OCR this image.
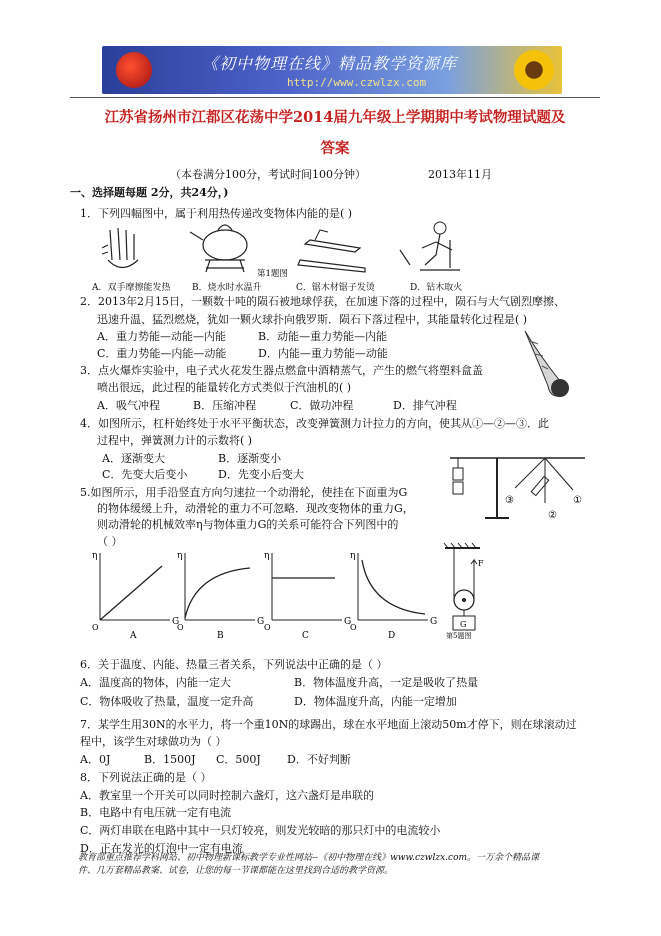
《初中物理在线》精品教学资源库
http://www.czwlzx.com
江苏省扬州市江都区花荡中学2014届九年级上学期期中考试物理试题及
答案
（本卷满分100分，考试时间100分钟）	2013年11月
一、选择题每题 2分，共24分，)
1．下列四幅图中，属于利用热传递改变物体内能的是( )
第1题图
A．双手摩擦能发热 B．烧水时水温升	C．锯木材锯子发烫	D．钻木取火
2．2013年2月15日，一颗数十吨的陨石被地球俘获，在加速下落的过程中，陨石与大气剧烈摩擦、
迅速升温、猛烈燃烧，犹如一颗火球扑向俄罗斯．陨石下落过程中，其能量转化过程是( )
A．重力势能—动能—内能	B．动能—重力势能—内能
C．重力势能—内能—动能	D．内能—重力势能—动能
3．点火爆炸实验中，电子式火花发生器点燃盒中酒精蒸气，产生的燃气将塑料盒盖
喷出很远，此过程的能量转化方式类似于汽油机的( )
A．吸气冲程	B．压缩冲程	C．做功冲程	D．排气冲程
4．如图所示，杠杆始终处于水平平衡状态，改变弹簧测力计拉力的方向，使其从①—②—③．此
过程中，弹簧测力计的示数将( )
A．逐渐变大	B．逐渐变小
C．先变大后变小	D．先变小后变大
③
②
①
5.如图所示，用手沿竖直方向匀速拉一个动滑轮，使挂在下面重为G
的物体缓缓上升，动滑轮的重力不可忽略．现改变物体的重力G，
则动滑轮的机械效率η与物体重力G的关系可能符合下列图中的
（ ）
η
G
O
A
η
G
O
B
η
G
O
C
η
G
O
D
G
F
第5题图
6．关于温度、内能、热量三者关系，下列说法中正确的是（ ）
A．温度高的物体，内能一定大	B．物体温度升高，一定是吸收了热量
C．物体吸收了热量，温度一定升高	D．物体温度升高，内能一定增加
7．某学生用30N的水平力，将一个重10N的球踢出，球在水平地面上滚动50m才停下，则在球滚动过
程中，该学生对球做功为（ ）
A．0J	B．1500J C．500J D．不好判断
8．下列说法正确的是（ ）
A．教室里一个开关可以同时控制六盏灯，这六盏灯是串联的
B．电路中有电压就一定有电流
C．两灯串联在电路中其中一只灯较亮，则发光较暗的那只灯中的电流较小
D．正在发光的灯泡中一定有电流
教育部重点推荐学科网站、初中物理新课标教学专业性网站--《初中物理在线》www.czwlzx.com。一万余个精品课
件、几万套精品教案、试卷，让您的每一节课都能在这里找到合适的教学资源。
